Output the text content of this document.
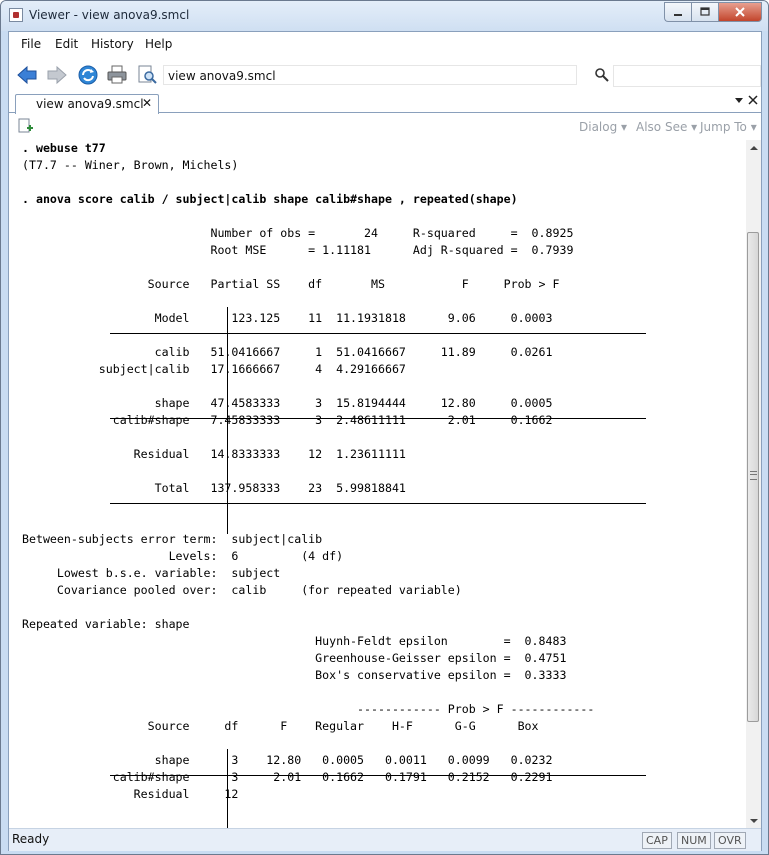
Viewer - view anova9.smcl
File Edit History Help
view anova9.smcl
view anova9.smcl
✕
Dialog ▾ Also See ▾ Jump To ▾
. webuse t77
(T7.7 -- Winer, Brown, Michels)
. anova score calib / subject|calib shape calib#shape , repeated(shape)
Number of obs =       24     R-squared     =  0.8925
Root MSE      = 1.11181      Adj R-squared =  0.7939
Source   Partial SS    df       MS           F     Prob > F
Model      123.125    11  11.1931818      9.06     0.0003
calib   51.0416667     1  51.0416667     11.89     0.0261
subject|calib   17.1666667     4  4.29166667
shape   47.4583333     3  15.8194444     12.80     0.0005
calib#shape   7.45833333     3  2.48611111      2.01     0.1662
Residual   14.8333333    12  1.23611111
Total   137.958333    23  5.99818841
Between-subjects error term:  subject|calib
Levels:  6         (4 df)
Lowest b.s.e. variable:  subject
Covariance pooled over:  calib     (for repeated variable)
Repeated variable: shape
Huynh-Feldt epsilon        =  0.8483
Greenhouse-Geisser epsilon =  0.4751
Box's conservative epsilon =  0.3333
------------ Prob > F ------------
Source     df      F    Regular    H-F      G-G      Box
shape      3    12.80   0.0005   0.0011   0.0099   0.0232
calib#shape      3     2.01   0.1662   0.1791   0.2152   0.2291
Residual     12
Ready	CAP	NUM	OVR
